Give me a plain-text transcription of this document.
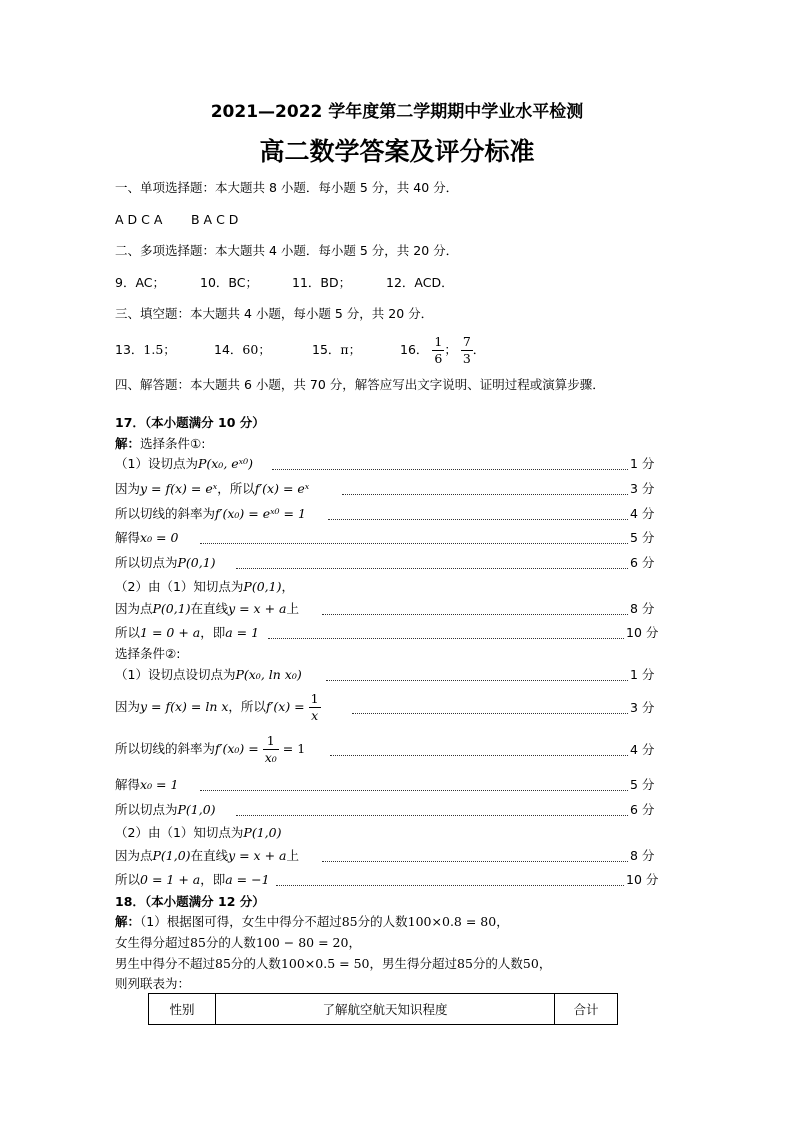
2021—2022 学年度第二学期期中学业水平检测
高二数学答案及评分标准
一、单项选择题：本大题共 8 小题．每小题 5 分，共 40 分．
A D C A B A C D
二、多项选择题：本大题共 4 小题．每小题 5 分，共 20 分．
9．AC；	10．BC；	11．BD；	12．ACD．
三、填空题：本大题共 4 小题，每小题 5 分，共 20 分．
13．1.5；	14．60；	15．π；	16． $\frac{1}{6}$ ； $\frac{7}{3}$ ．
四、解答题：本大题共 6 小题，共 70 分，解答应写出文字说明、证明过程或演算步骤．
17．（本小题满分 10 分）
解：选择条件①:
（1）设切点为P(x₀, eˣ⁰)	1 分
因为y = f(x) = eˣ，所以f′(x) = eˣ	3 分
所以切线的斜率为f′(x₀) = eˣ⁰ = 1	4 分
解得x₀ = 0	5 分
所以切点为P(0,1)	6 分
（2）由（1）知切点为P(0,1)，
因为点P(0,1)在直线y = x + a上	8 分
所以1 = 0 + a，即a = 1	10 分
选择条件②:
（1）设切点设切点为P(x₀, ln x₀)	1 分
因为y = f(x) = ln x，所以$f'(x) = \frac{1}{x}$	3 分
所以切线的斜率为$f'(x_0) = \frac{1}{\text{x₀}} = 1$	4 分
解得x₀ = 1	5 分
所以切点为P(1,0)	6 分
（2）由（1）知切点为P(1,0)
因为点P(1,0)在直线y = x + a上	8 分
所以0 = 1 + a，即a = −1	10 分
18．（本小题满分 12 分）
解：（1）根据图可得，女生中得分不超过85分的人数100×0.8 = 80，
女生得分超过85分的人数100 − 80 = 20，
男生中得分不超过85分的人数100×0.5 = 50，男生得分超过85分的人数50，
则列联表为：
性别	了解航空航天知识程度	合计
